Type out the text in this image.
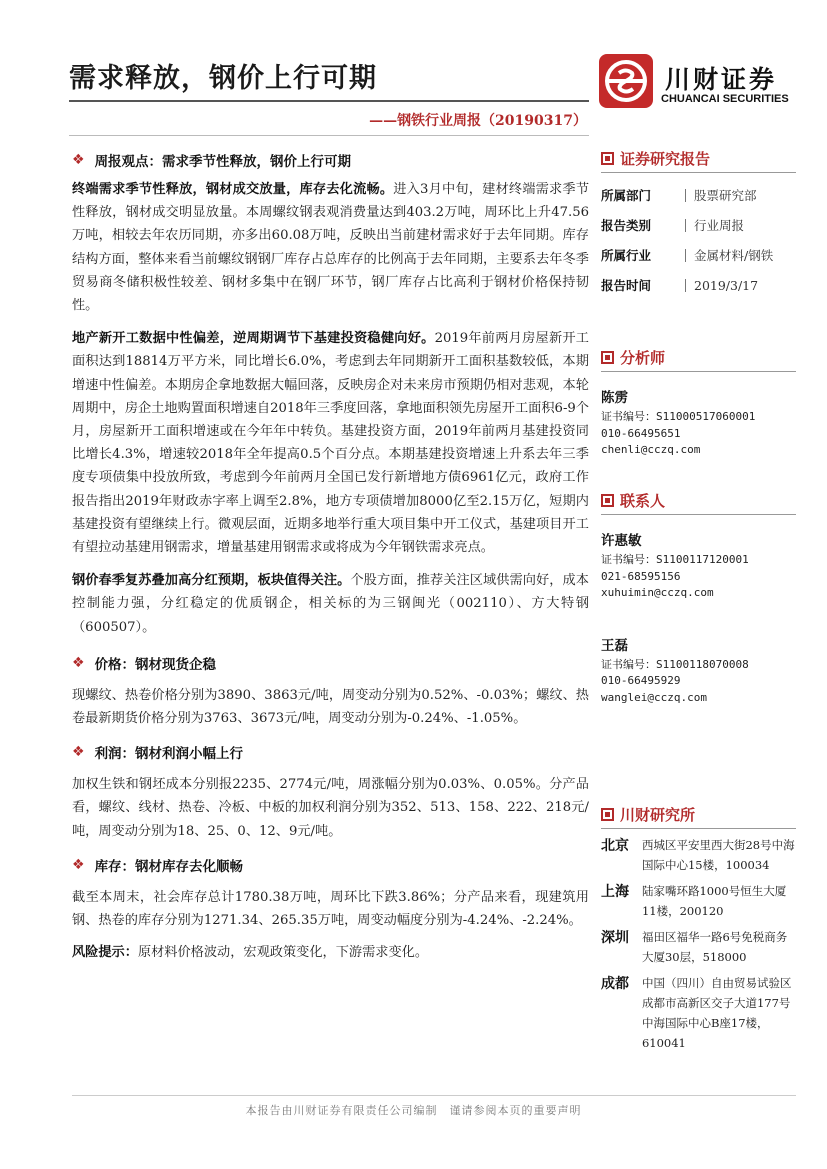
需求释放，钢价上行可期
——钢铁行业周报（20190317）
川财证券
CHUANCAI SECURITIES
❖ 周报观点：需求季节性释放，钢价上行可期

终端需求季节性释放，钢材成交放量，库存去化流畅。进入3月中旬，建材终端需求季节性释放，钢材成交明显放量。本周螺纹钢表观消费量达到403.2万吨，周环比上升47.56万吨，相较去年农历同期，亦多出60.08万吨，反映出当前建材需求好于去年同期。库存结构方面，整体来看当前螺纹钢钢厂库存占总库存的比例高于去年同期，主要系去年冬季贸易商冬储积极性较差、钢材多集中在钢厂环节，钢厂库存占比高利于钢材价格保持韧性。

地产新开工数据中性偏差，逆周期调节下基建投资稳健向好。2019年前两月房屋新开工面积达到18814万平方米，同比增长6.0%，考虑到去年同期新开工面积基数较低，本期增速中性偏差。本期房企拿地数据大幅回落，反映房企对未来房市预期仍相对悲观，本轮周期中，房企土地购置面积增速自2018年三季度回落，拿地面积领先房屋开工面积6-9个月，房屋新开工面积增速或在今年年中转负。基建投资方面，2019年前两月基建投资同比增长4.3%，增速较2018年全年提高0.5个百分点。本期基建投资增速上升系去年三季度专项债集中投放所致，考虑到今年前两月全国已发行新增地方债6961亿元，政府工作报告指出2019年财政赤字率上调至2.8%，地方专项债增加8000亿至2.15万亿，短期内基建投资有望继续上行。微观层面，近期多地举行重大项目集中开工仪式，基建项目开工有望拉动基建用钢需求，增量基建用钢需求或将成为今年钢铁需求亮点。

钢价春季复苏叠加高分红预期，板块值得关注。个股方面，推荐关注区域供需向好，成本控制能力强，分红稳定的优质钢企，相关标的为三钢闽光（002110）、方大特钢（600507）。

❖ 价格：钢材现货企稳

现螺纹、热卷价格分别为3890、3863元/吨，周变动分别为0.52%、-0.03%；螺纹、热卷最新期货价格分别为3763、3673元/吨，周变动分别为-0.24%、-1.05%。

❖ 利润：钢材利润小幅上行

加权生铁和钢坯成本分别报2235、2774元/吨，周涨幅分别为0.03%、0.05%。分产品看，螺纹、线材、热卷、冷板、中板的加权利润分别为352、513、158、222、218元/吨，周变动分别为18、25、0、12、9元/吨。

❖ 库存：钢材库存去化顺畅

截至本周末，社会库存总计1780.38万吨，周环比下跌3.86%；分产品来看，现建筑用钢、热卷的库存分别为1271.34、265.35万吨，周变动幅度分别为-4.24%、-2.24%。

风险提示：原材料价格波动，宏观政策变化，下游需求变化。

证券研究报告
所属部门	股票研究部
报告类别	行业周报
所属行业	金属材料/钢铁
报告时间	2019/3/17
分析师
陈雳
证书编号：S1100051706000​1
010-66495651
chenli@cczq.com
联系人
许惠敏
证书编号：S1100117120001
021-68595156
xuhuimin@cczq.com
王磊
证书编号：S1100118070008
010-66495929
wanglei@cczq.com
川财研究所
北京	西城区平安里西大街28号中海国际中心15楼，100034
上海	陆家嘴环路1000号恒生大厦11楼，200120
深圳	福田区福华一路6号免税商务大厦30层，518000
成都	中国（四川）自由贸易试验区成都市高新区交子大道177号中海国际中心B座17楼，610041
本报告由川财证券有限责任公司编制　谨请参阅本页的重要声明
